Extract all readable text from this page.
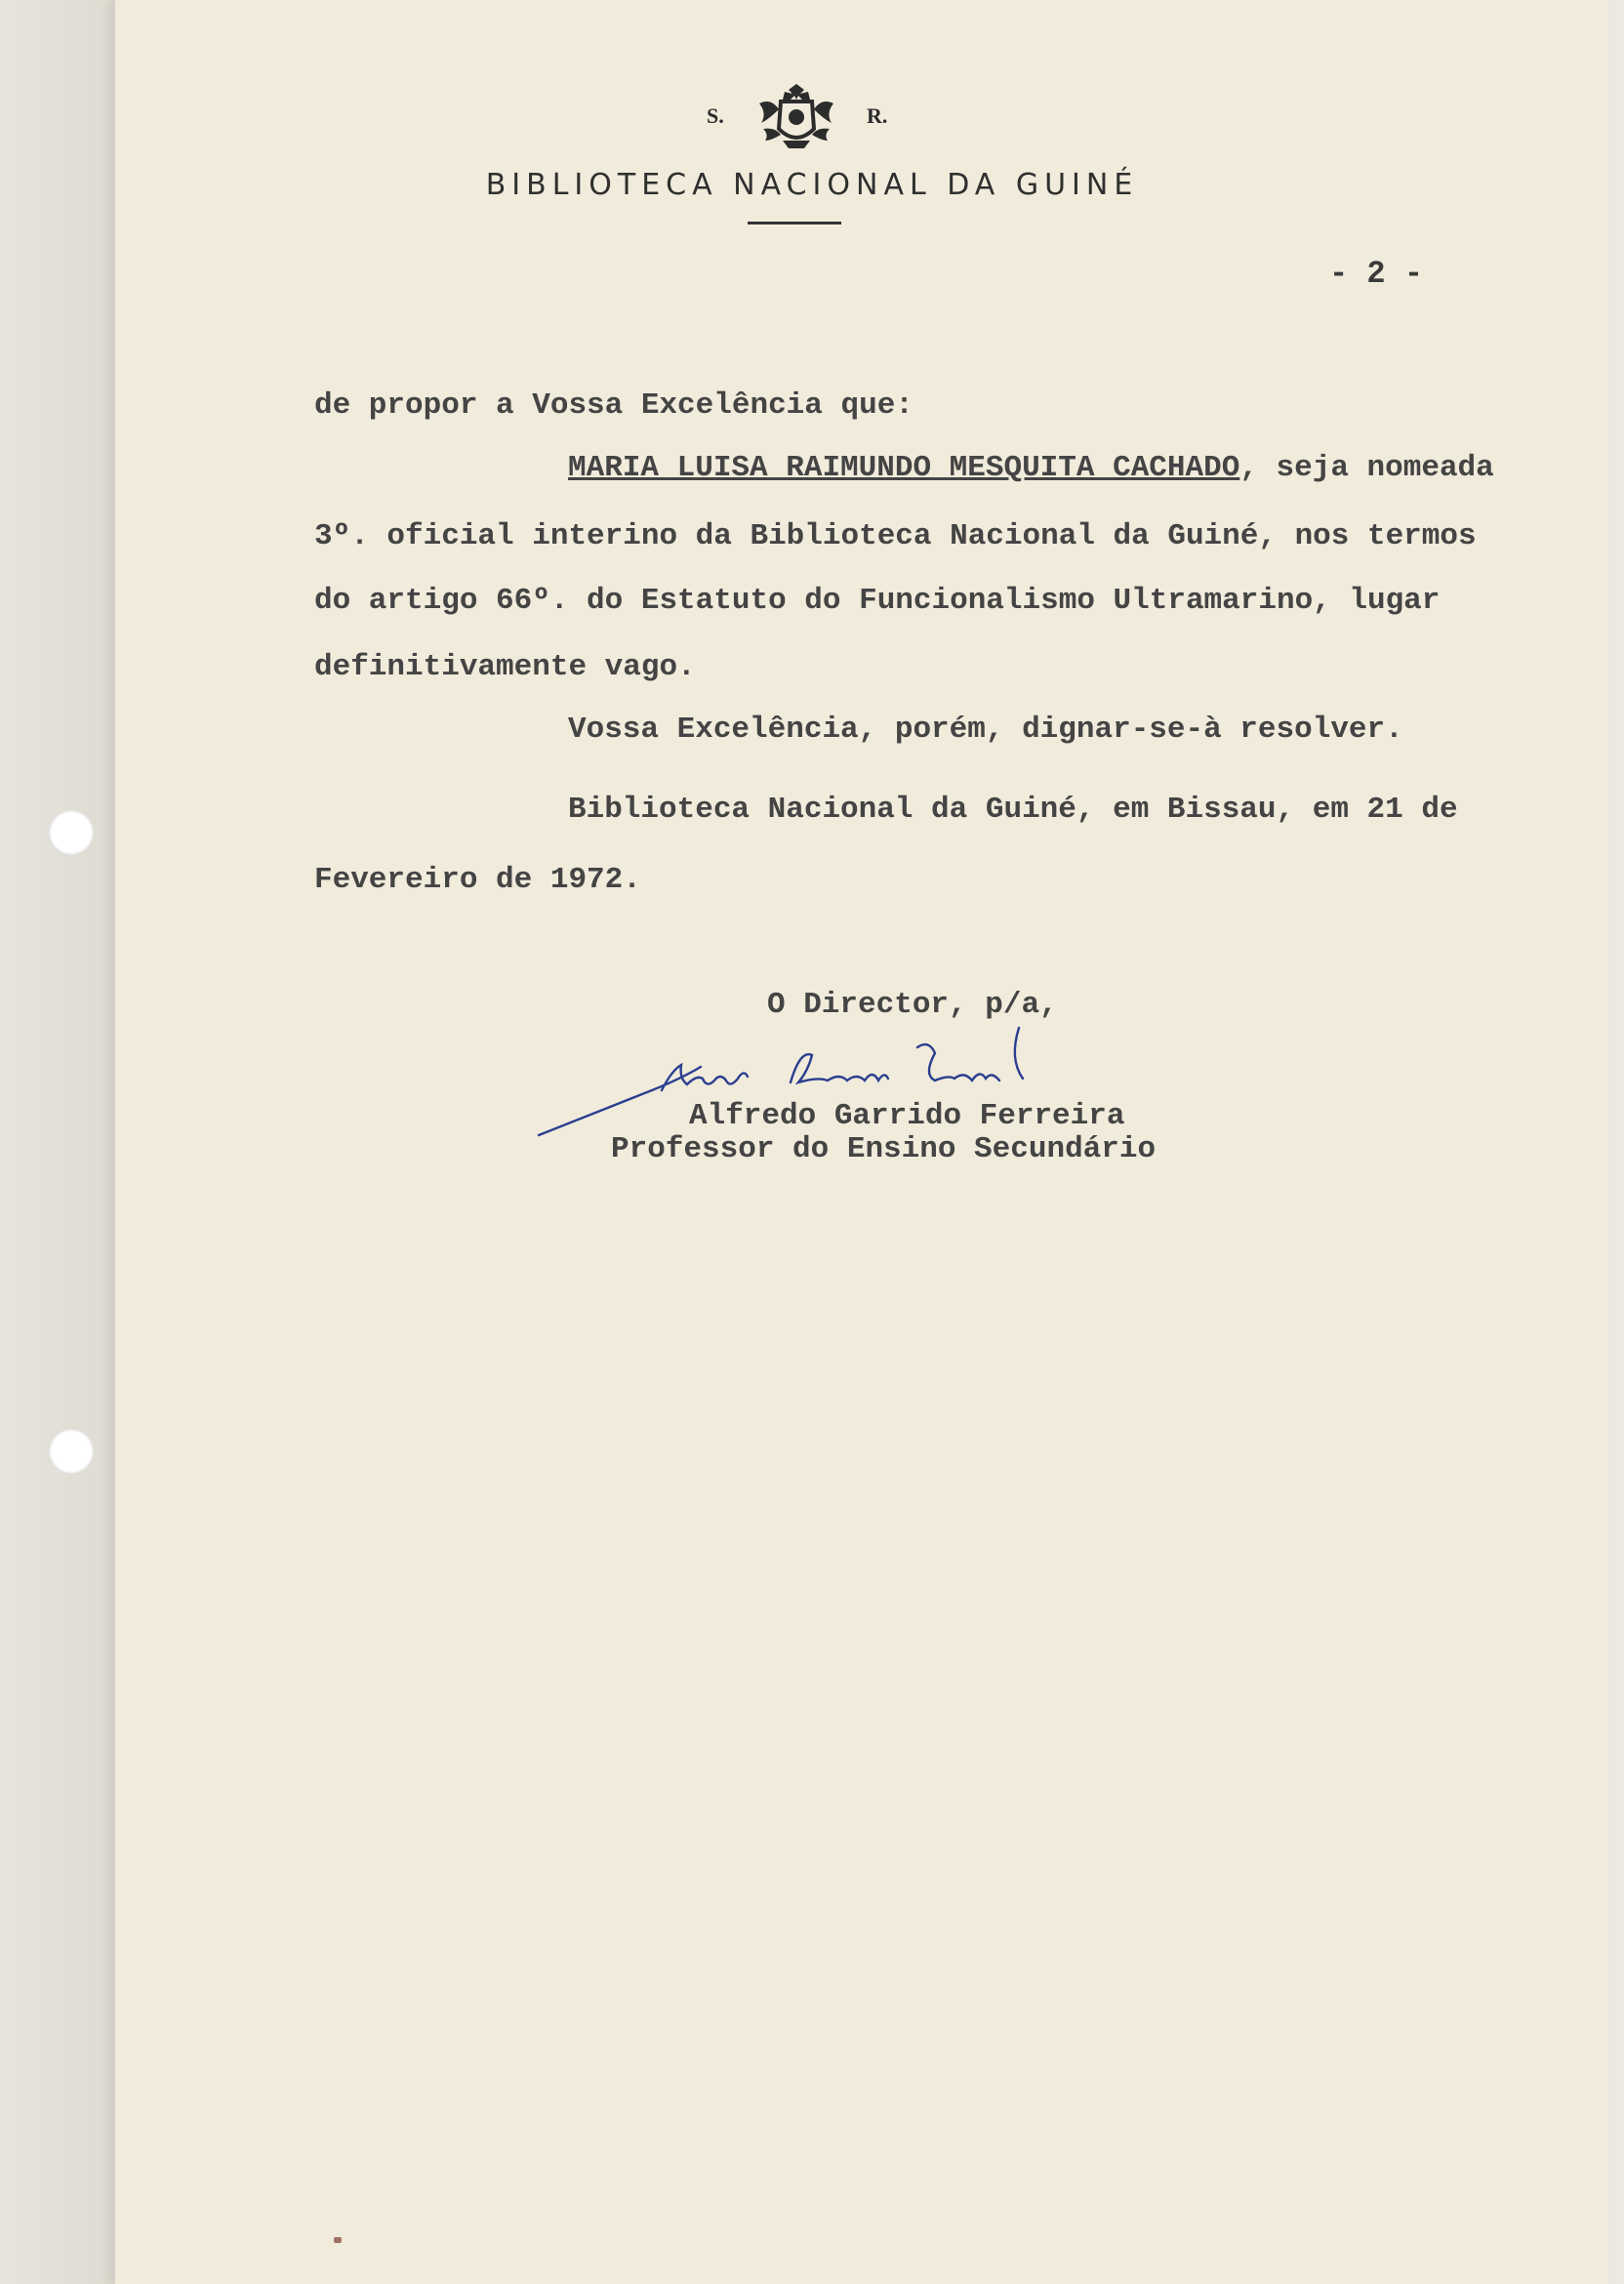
S.	R.
BIBLIOTECA NACIONAL DA GUINÉ
- 2 -
de propor a Vossa Excelência que:
MARIA LUISA RAIMUNDO MESQUITA CACHADO, seja nomeada
3º. oficial interino da Biblioteca Nacional da Guiné, nos termos
do artigo 66º. do Estatuto do Funcionalismo Ultramarino, lugar
definitivamente vago.
Vossa Excelência, porém, dignar-se-à resolver.
Biblioteca Nacional da Guiné, em Bissau, em 21 de
Fevereiro de 1972.
O Director, p/a,
Alfredo Garrido Ferreira
Professor do Ensino Secundário
